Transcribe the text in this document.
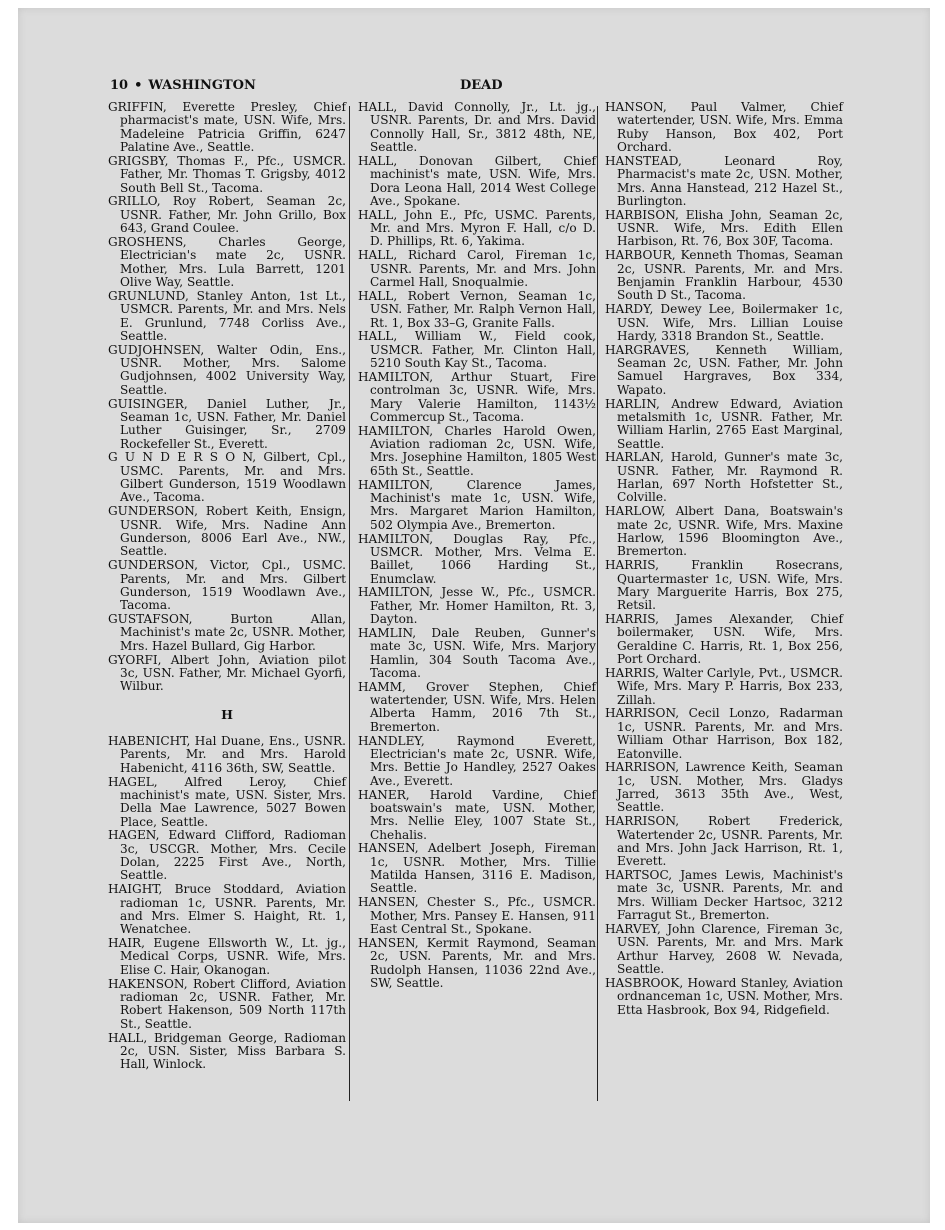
10 • WASHINGTON	DEAD

GRIFFIN, Everette Presley, Chief pharmacist's mate, USN. Wife, Mrs. Madeleine Patricia Griffin, 6247 Palatine Ave., Seattle.

GRIGSBY, Thomas F., Pfc., USMCR. Father, Mr. Thomas T. Grigsby, 4012 South Bell St., Tacoma.

GRILLO, Roy Robert, Seaman 2c, USNR. Father, Mr. John Grillo, Box 643, Grand Coulee.

GROSHENS, Charles George, Electrician's mate 2c, USNR. Mother, Mrs. Lula Barrett, 1201 Olive Way, Seattle.

GRUNLUND, Stanley Anton, 1st Lt., USMCR. Parents, Mr. and Mrs. Nels E. Grunlund, 7748 Corliss Ave., Seattle.

GUDJOHNSEN, Walter Odin, Ens., USNR. Mother, Mrs. Salome Gudjohnsen, 4002 University Way, Seattle.

GUISINGER, Daniel Luther, Jr., Seaman 1c, USN. Father, Mr. Daniel Luther Guisinger, Sr., 2709 Rockefeller St., Everett.

G U N D E R S O N, Gilbert, Cpl., USMC. Parents, Mr. and Mrs. Gilbert Gunderson, 1519 Woodlawn Ave., Tacoma.

GUNDERSON, Robert Keith, Ensign, USNR. Wife, Mrs. Nadine Ann Gunderson, 8006 Earl Ave., NW., Seattle.

GUNDERSON, Victor, Cpl., USMC. Parents, Mr. and Mrs. Gilbert Gunderson, 1519 Woodlawn Ave., Tacoma.

GUSTAFSON, Burton Allan, Machinist's mate 2c, USNR. Mother, Mrs. Hazel Bullard, Gig Harbor.

GYORFI, Albert John, Aviation pilot 3c, USN. Father, Mr. Michael Gyorfi, Wilbur.

H

HABENICHT, Hal Duane, Ens., USNR. Parents, Mr. and Mrs. Harold Habenicht, 4116 36th, SW, Seattle.

HAGEL, Alfred Leroy, Chief machinist's mate, USN. Sister, Mrs. Della Mae Lawrence, 5027 Bowen Place, Seattle.

HAGEN, Edward Clifford, Radioman 3c, USCGR. Mother, Mrs. Cecile Dolan, 2225 First Ave., North, Seattle.

HAIGHT, Bruce Stoddard, Aviation radioman 1c, USNR. Parents, Mr. and Mrs. Elmer S. Haight, Rt. 1, Wenatchee.

HAIR, Eugene Ellsworth W., Lt. jg., Medical Corps, USNR. Wife, Mrs. Elise C. Hair, Okanogan.

HAKENSON, Robert Clifford, Aviation radioman 2c, USNR. Father, Mr. Robert Hakenson, 509 North 117th St., Seattle.

HALL, Bridgeman George, Radioman 2c, USN. Sister, Miss Barbara S. Hall, Winlock.

HALL, David Connolly, Jr., Lt. jg., USNR. Parents, Dr. and Mrs. David Connolly Hall, Sr., 3812 48th, NE, Seattle.

HALL, Donovan Gilbert, Chief machinist's mate, USN. Wife, Mrs. Dora Leona Hall, 2014 West College Ave., Spokane.

HALL, John E., Pfc, USMC. Parents, Mr. and Mrs. Myron F. Hall, c/o D. D. Phillips, Rt. 6, Yakima.

HALL, Richard Carol, Fireman 1c, USNR. Parents, Mr. and Mrs. John Carmel Hall, Snoqualmie.

HALL, Robert Vernon, Seaman 1c, USN. Father, Mr. Ralph Vernon Hall, Rt. 1, Box 33–G, Granite Falls.

HALL, William W., Field cook, USMCR. Father, Mr. Clinton Hall, 5210 South Kay St., Tacoma.

HAMILTON, Arthur Stuart, Fire controlman 3c, USNR. Wife, Mrs. Mary Valerie Hamilton, 1143½ Commercup St., Tacoma.

HAMILTON, Charles Harold Owen, Aviation radioman 2c, USN. Wife, Mrs. Josephine Hamilton, 1805 West 65th St., Seattle.

HAMILTON, Clarence James, Machinist's mate 1c, USN. Wife, Mrs. Margaret Marion Hamilton, 502 Olympia Ave., Bremerton.

HAMILTON, Douglas Ray, Pfc., USMCR. Mother, Mrs. Velma E. Baillet, 1066 Harding St., Enumclaw.

HAMILTON, Jesse W., Pfc., USMCR. Father, Mr. Homer Hamilton, Rt. 3, Dayton.

HAMLIN, Dale Reuben, Gunner's mate 3c, USN. Wife, Mrs. Marjory Hamlin, 304 South Tacoma Ave., Tacoma.

HAMM, Grover Stephen, Chief watertender, USN. Wife, Mrs. Helen Alberta Hamm, 2016 7th St., Bremerton.

HANDLEY, Raymond Everett, Electrician's mate 2c, USNR. Wife, Mrs. Bettie Jo Handley, 2527 Oakes Ave., Everett.

HANER, Harold Vardine, Chief boatswain's mate, USN. Mother, Mrs. Nellie Eley, 1007 State St., Chehalis.

HANSEN, Adelbert Joseph, Fireman 1c, USNR. Mother, Mrs. Tillie Matilda Hansen, 3116 E. Madison, Seattle.

HANSEN, Chester S., Pfc., USMCR. Mother, Mrs. Pansey E. Hansen, 911 East Central St., Spokane.

HANSEN, Kermit Raymond, Seaman 2c, USN. Parents, Mr. and Mrs. Rudolph Hansen, 11036 22nd Ave., SW, Seattle.

HANSON, Paul Valmer, Chief watertender, USN. Wife, Mrs. Emma Ruby Hanson, Box 402, Port Orchard.

HANSTEAD, Leonard Roy, Pharmacist's mate 2c, USN. Mother, Mrs. Anna Hanstead, 212 Hazel St., Burlington.

HARBISON, Elisha John, Seaman 2c, USNR. Wife, Mrs. Edith Ellen Harbison, Rt. 76, Box 30F, Tacoma.

HARBOUR, Kenneth Thomas, Seaman 2c, USNR. Parents, Mr. and Mrs. Benjamin Franklin Harbour, 4530 South D St., Tacoma.

HARDY, Dewey Lee, Boilermaker 1c, USN. Wife, Mrs. Lillian Louise Hardy, 3318 Brandon St., Seattle.

HARGRAVES, Kenneth William, Seaman 2c, USN. Father, Mr. John Samuel Hargraves, Box 334, Wapato.

HARLIN, Andrew Edward, Aviation metalsmith 1c, USNR. Father, Mr. William Harlin, 2765 East Marginal, Seattle.

HARLAN, Harold, Gunner's mate 3c, USNR. Father, Mr. Raymond R. Harlan, 697 North Hofstetter St., Colville.

HARLOW, Albert Dana, Boatswain's mate 2c, USNR. Wife, Mrs. Maxine Harlow, 1596 Bloomington Ave., Bremerton.

HARRIS, Franklin Rosecrans, Quartermaster 1c, USN. Wife, Mrs. Mary Marguerite Harris, Box 275, Retsil.

HARRIS, James Alexander, Chief boilermaker, USN. Wife, Mrs. Geraldine C. Harris, Rt. 1, Box 256, Port Orchard.

HARRIS, Walter Carlyle, Pvt., USMCR. Wife, Mrs. Mary P. Harris, Box 233, Zillah.

HARRISON, Cecil Lonzo, Radarman 1c, USNR. Parents, Mr. and Mrs. William Othar Harrison, Box 182, Eatonville.

HARRISON, Lawrence Keith, Seaman 1c, USN. Mother, Mrs. Gladys Jarred, 3613 35th Ave., West, Seattle.

HARRISON, Robert Frederick, Watertender 2c, USNR. Parents, Mr. and Mrs. John Jack Harrison, Rt. 1, Everett.

HARTSOC, James Lewis, Machinist's mate 3c, USNR. Parents, Mr. and Mrs. William Decker Hartsoc, 3212 Farragut St., Bremerton.

HARVEY, John Clarence, Fireman 3c, USN. Parents, Mr. and Mrs. Mark Arthur Harvey, 2608 W. Nevada, Seattle.

HASBROOK, Howard Stanley, Aviation ordnanceman 1c, USN. Mother, Mrs. Etta Hasbrook, Box 94, Ridgefield.
